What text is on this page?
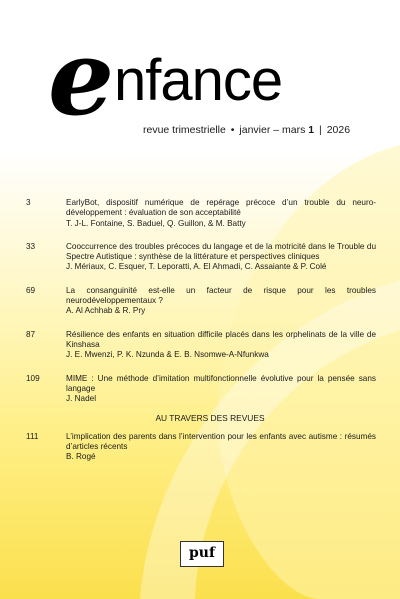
e nfance
revue trimestrielle • janvier – mars 1 | 2026
3	EarlyBot, dispositif numérique de repérage précoce d’un trouble du neuro-développement : évaluation de son acceptabilité
T. J-L. Fontaine, S. Baduel, Q. Guillon, & M. Batty
33	Cooccurrence des troubles précoces du langage et de la motricité dans le Trouble du Spectre Autistique : synthèse de la littérature et perspectives cliniques
J. Mériaux, C. Esquer, T. Leporatti, A. El Ahmadi, C. Assaiante & P. Colé
69	La consanguinité est-elle un facteur de risque pour les troubles neurodéveloppementaux ?
A. Al Achhab & R. Pry
87	Résilience des enfants en situation difficile placés dans les orphelinats de la ville de Kinshasa
J. E. Mwenzi, P. K. Nzunda & E. B. Nsomwe-A-Nfunkwa
109	MIME : Une méthode d’imitation multifonctionnelle évolutive pour la pensée sans langage
J. Nadel
AU TRAVERS DES REVUES
111	L’implication des parents dans l’intervention pour les enfants avec autisme : résumés d’articles récents
B. Rogé
puf
